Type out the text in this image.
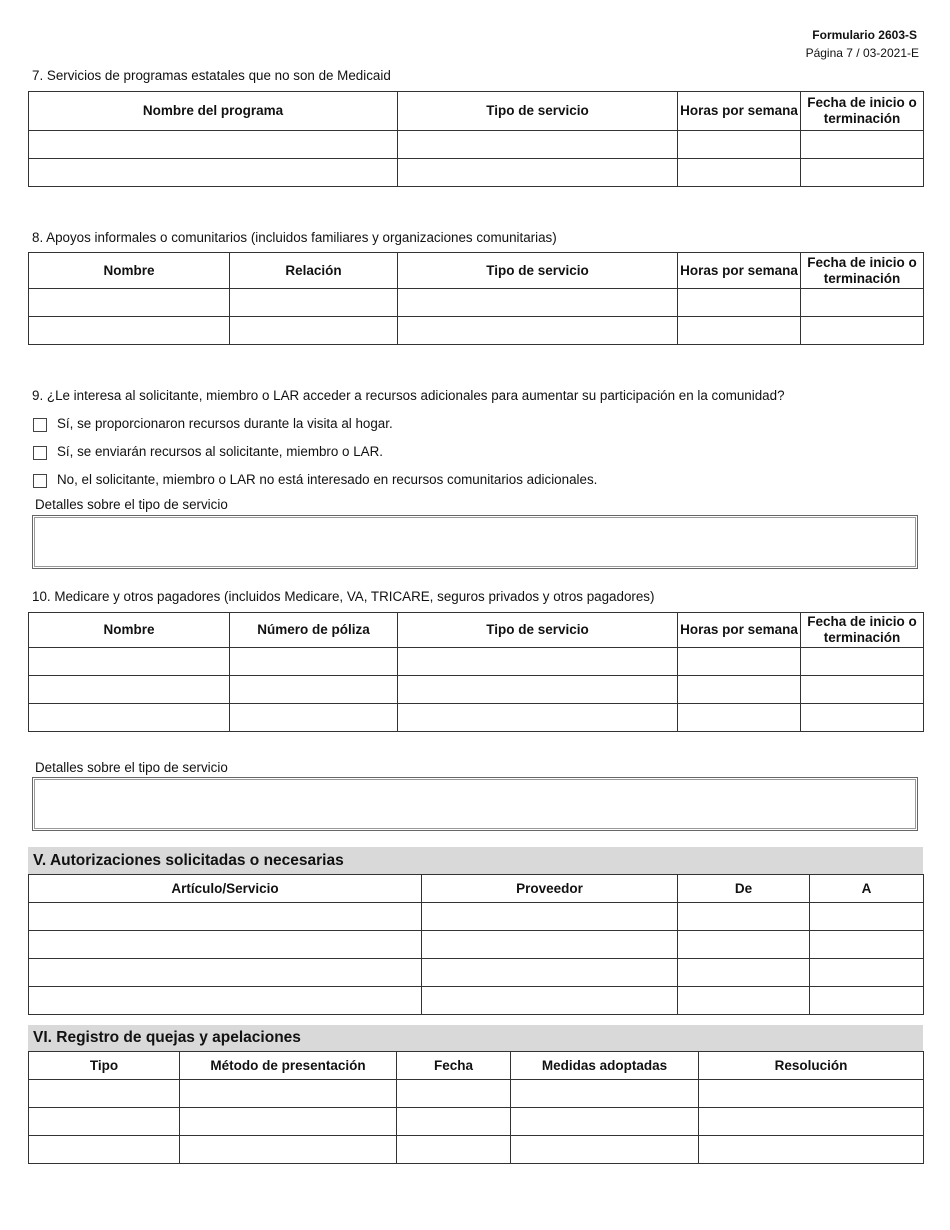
Formulario 2603-S
Página 7 / 03-2021-E
7. Servicios de programas estatales que no son de Medicaid
Nombre del programa	Tipo de servicio	Horas por semana	Fecha de inicio o terminación

8. Apoyos informales o comunitarios (incluidos familiares y organizaciones comunitarias)
Nombre	Relación	Tipo de servicio	Horas por semana	Fecha de inicio o terminación

9. ¿Le interesa al solicitante, miembro o LAR acceder a recursos adicionales para aumentar su participación en la comunidad?
Sí, se proporcionaron recursos durante la visita al hogar.
Sí, se enviarán recursos al solicitante, miembro o LAR.
No, el solicitante, miembro o LAR no está interesado en recursos comunitarios adicionales.
Detalles sobre el tipo de servicio
10. Medicare y otros pagadores (incluidos Medicare, VA, TRICARE, seguros privados y otros pagadores)
Nombre	Número de póliza	Tipo de servicio	Horas por semana	Fecha de inicio o terminación

Detalles sobre el tipo de servicio
V. Autorizaciones solicitadas o necesarias
Artículo/Servicio	Proveedor	De	A

VI. Registro de quejas y apelaciones
Tipo	Método de presentación	Fecha	Medidas adoptadas	Resolución
